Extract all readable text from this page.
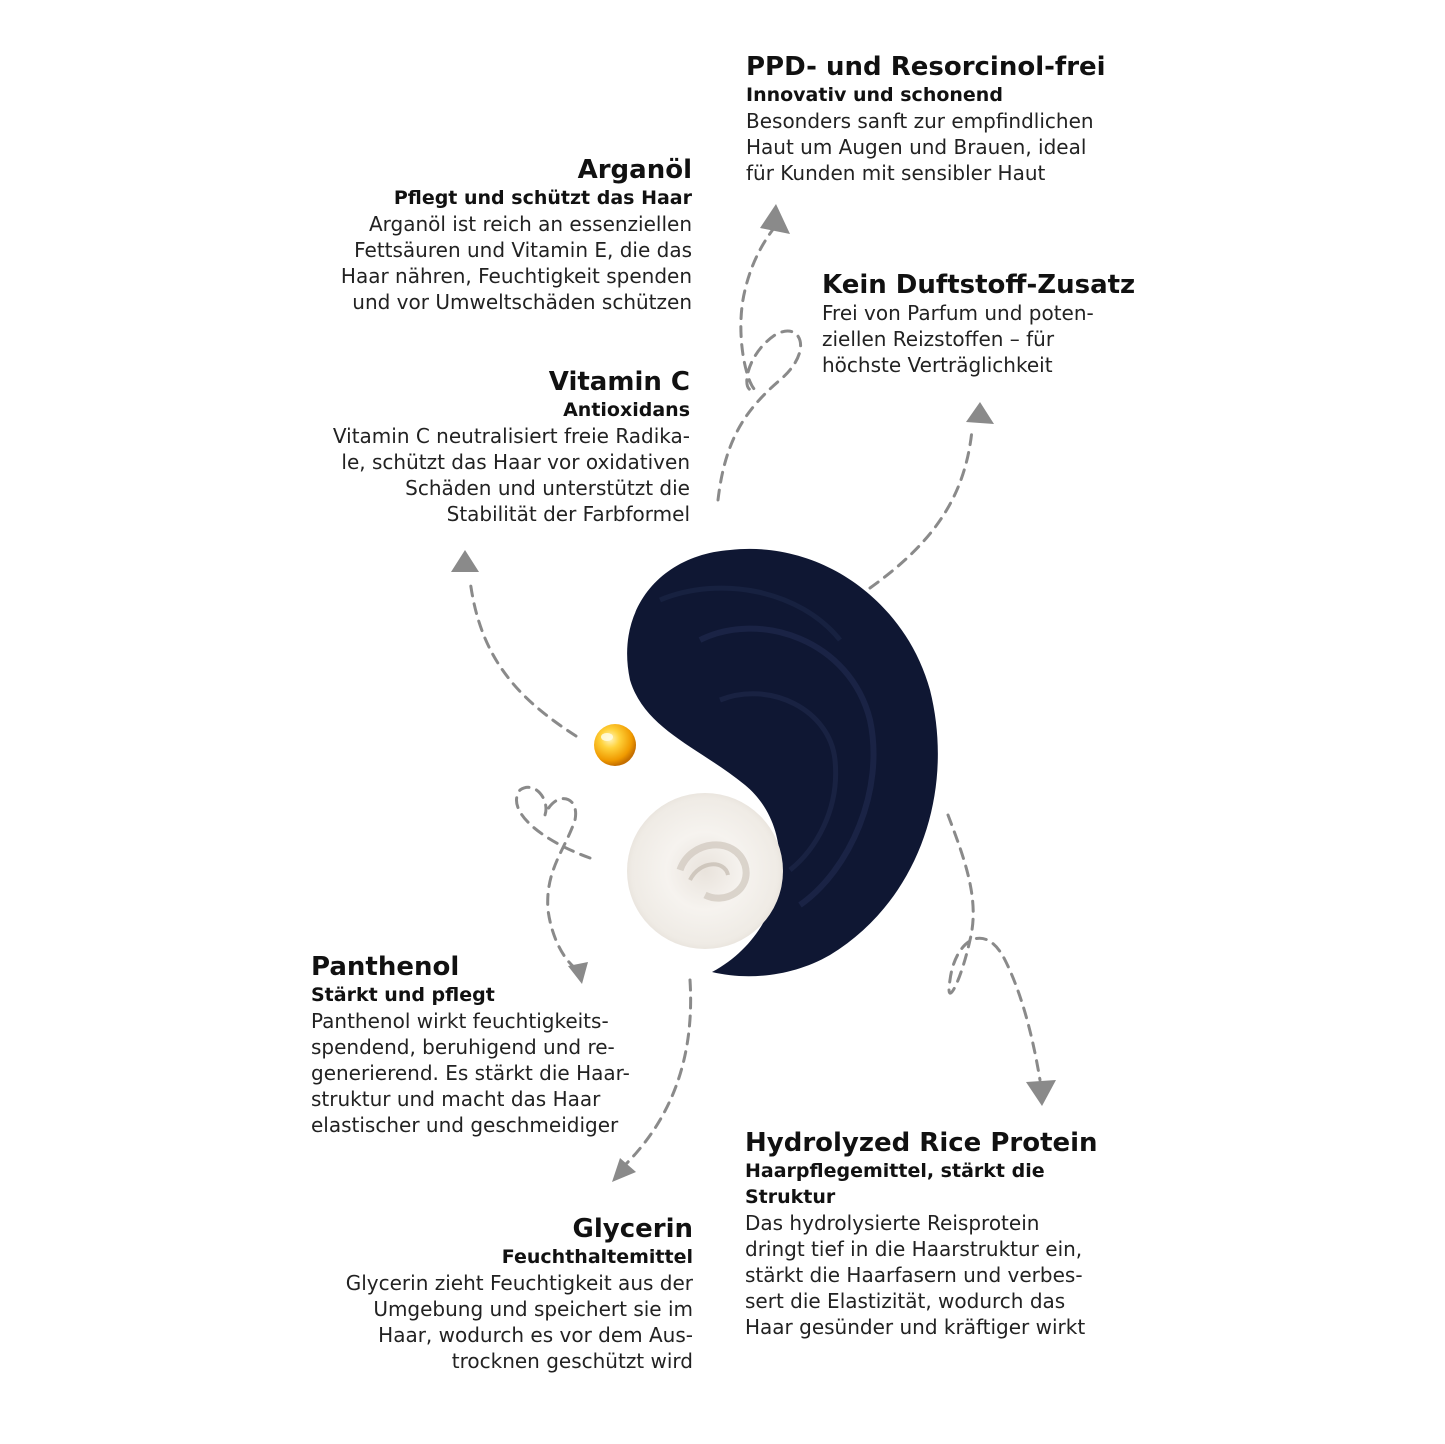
PPD- und Resorcinol-frei
Innovativ und schonend
Besonders sanft zur empfindlichen
Haut um Augen und Brauen, ideal
für Kunden mit sensibler Haut
Arganöl
Pflegt und schützt das Haar
Arganöl ist reich an essenziellen
Fettsäuren und Vitamin E, die das
Haar nähren, Feuchtigkeit spenden
und vor Umweltschäden schützen
Kein Duftstoff-Zusatz
Frei von Parfum und poten-
ziellen Reizstoffen – für
höchste Verträglichkeit
Vitamin C
Antioxidans
Vitamin C neutralisiert freie Radika-
le, schützt das Haar vor oxidativen
Schäden und unterstützt die
Stabilität der Farbformel
Panthenol
Stärkt und pflegt
Panthenol wirkt feuchtigkeits-
spendend, beruhigend und re-
generierend. Es stärkt die Haar-
struktur und macht das Haar
elastischer und geschmeidiger
Hydrolyzed Rice Protein
Haarpflegemittel, stärkt die
Struktur
Das hydrolysierte Reisprotein
dringt tief in die Haarstruktur ein,
stärkt die Haarfasern und verbes-
sert die Elastizität, wodurch das
Haar gesünder und kräftiger wirkt
Glycerin
Feuchthaltemittel
Glycerin zieht Feuchtigkeit aus der
Umgebung und speichert sie im
Haar, wodurch es vor dem Aus-
trocknen geschützt wird
